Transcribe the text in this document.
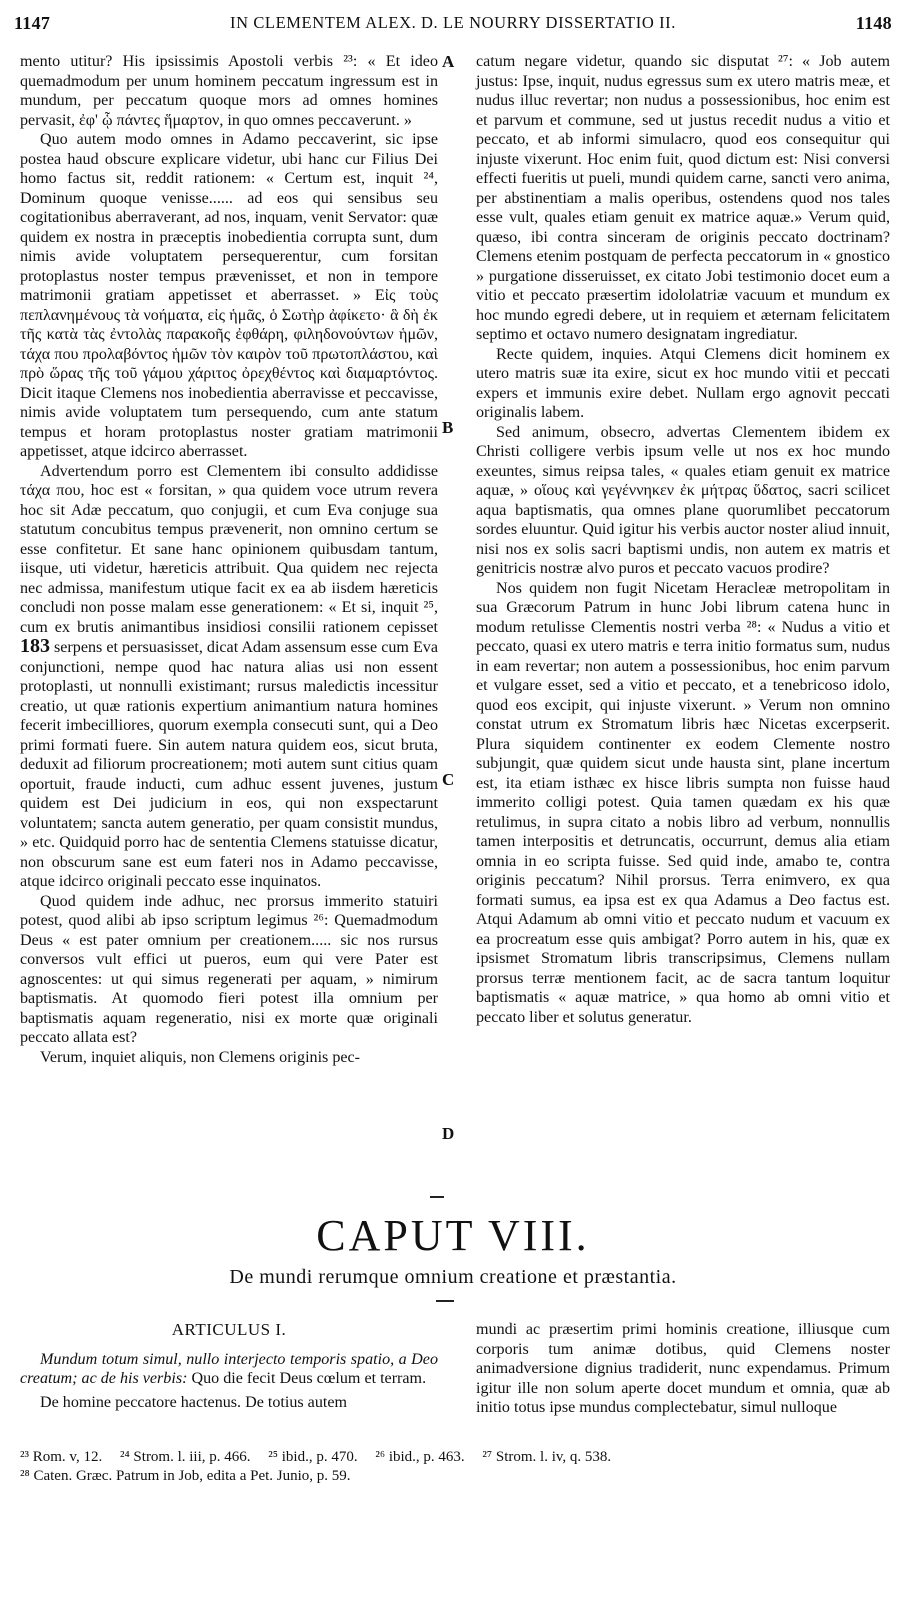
1147	IN CLEMENTEM ALEX. D. LE NOURRY DISSERTATIO II.	1148
A
B
C
D

mento utitur? His ipsissimis Apostoli verbis ²³: « Et ideo quemadmodum per unum hominem peccatum ingressum est in mundum, per peccatum quoque mors ad omnes homines pervasit, ἐφ' ᾧ πάντες ἥμαρτον, in quo omnes peccaverunt. »

Quo autem modo omnes in Adamo peccaverint, sic ipse postea haud obscure explicare videtur, ubi hanc cur Filius Dei homo factus sit, reddit rationem: « Certum est, inquit ²⁴, Dominum quoque venisse...... ad eos qui sensibus seu cogitationibus aberraverant, ad nos, inquam, venit Servator: quæ quidem ex nostra in præceptis inobedientia corrupta sunt, dum nimis avide voluptatem persequerentur, cum forsitan protoplastus noster tempus prævenisset, et non in tempore matrimonii gratiam appetisset et aberrasset. » Εἰς τοὺς πεπλανημένους τὰ νοήματα, εἰς ἡμᾶς, ὁ Σωτὴρ ἀφίκετο· ἃ δὴ ἐκ τῆς κατὰ τὰς ἐντολὰς παρακοῆς ἐφθάρη, φιληδονούντων ἡμῶν, τάχα που προλαβόντος ἡμῶν τὸν καιρὸν τοῦ πρωτοπλάστου, καὶ πρὸ ὥρας τῆς τοῦ γάμου χάριτος ὀρεχθέντος καὶ διαμαρτόντος. Dicit itaque Clemens nos inobedientia aberravisse et peccavisse, nimis avide voluptatem tum persequendo, cum ante statum tempus et horam protoplastus noster gratiam matrimonii appetisset, atque idcirco aberrasset.

Advertendum porro est Clementem ibi consulto addidisse τάχα που, hoc est « forsitan, » qua quidem voce utrum revera hoc sit Adæ peccatum, quo conjugii, et cum Eva conjuge sua statutum concubitus tempus prævenerit, non omnino certum se esse confitetur. Et sane hanc opinionem quibusdam tantum, iisque, uti videtur, hæreticis attribuit. Qua quidem nec rejecta nec admissa, manifestum utique facit ex ea ab iisdem hæreticis concludi non posse malam esse generationem: « Et si, inquit ²⁵, cum ex brutis animantibus insidiosi consilii rationem cepisset 183 serpens et persuasisset, dicat Adam assensum esse cum Eva conjunctioni, nempe quod hac natura alias usi non essent protoplasti, ut nonnulli existimant; rursus maledictis incessitur creatio, ut quæ rationis expertium animantium natura homines fecerit imbecilliores, quorum exempla consecuti sunt, qui a Deo primi formati fuere. Sin autem natura quidem eos, sicut bruta, deduxit ad filiorum procreationem; moti autem sunt citius quam oportuit, fraude inducti, cum adhuc essent juvenes, justum quidem est Dei judicium in eos, qui non exspectarunt voluntatem; sancta autem generatio, per quam consistit mundus, » etc. Quidquid porro hac de sententia Clemens statuisse dicatur, non obscurum sane est eum fateri nos in Adamo peccavisse, atque idcirco originali peccato esse inquinatos.

Quod quidem inde adhuc, nec prorsus immerito statuiri potest, quod alibi ab ipso scriptum legimus ²⁶: Quemadmodum Deus « est pater omnium per creationem..... sic nos rursus conversos vult effici ut pueros, eum qui vere Pater est agnoscentes: ut qui simus regenerati per aquam, » nimirum baptismatis. At quomodo fieri potest illa omnium per baptismatis aquam regeneratio, nisi ex morte quæ originali peccato allata est?

Verum, inquiet aliquis, non Clemens originis pec-

catum negare videtur, quando sic disputat ²⁷: « Job autem justus: Ipse, inquit, nudus egressus sum ex utero matris meæ, et nudus illuc revertar; non nudus a possessionibus, hoc enim est et parvum et commune, sed ut justus recedit nudus a vitio et peccato, et ab informi simulacro, quod eos consequitur qui injuste vixerunt. Hoc enim fuit, quod dictum est: Nisi conversi effecti fueritis ut pueli, mundi quidem carne, sancti vero anima, per abstinentiam a malis operibus, ostendens quod nos tales esse vult, quales etiam genuit ex matrice aquæ.» Verum quid, quæso, ibi contra sinceram de originis peccato doctrinam? Clemens etenim postquam de perfecta peccatorum in « gnostico » purgatione disseruisset, ex citato Jobi testimonio docet eum a vitio et peccato præsertim idololatriæ vacuum et mundum ex hoc mundo egredi debere, ut in requiem et æternam felicitatem septimo et octavo numero designatam ingrediatur.

Recte quidem, inquies. Atqui Clemens dicit hominem ex utero matris suæ ita exire, sicut ex hoc mundo vitii et peccati expers et immunis exire debet. Nullam ergo agnovit peccati originalis labem.

Sed animum, obsecro, advertas Clementem ibidem ex Christi colligere verbis ipsum velle ut nos ex hoc mundo exeuntes, simus reipsa tales, « quales etiam genuit ex matrice aquæ, » οἵους καὶ γεγέννηκεν ἐκ μήτρας ὕδατος, sacri scilicet aqua baptismatis, qua omnes plane quorumlibet peccatorum sordes eluuntur. Quid igitur his verbis auctor noster aliud innuit, nisi nos ex solis sacri baptismi undis, non autem ex matris et genitricis nostræ alvo puros et peccato vacuos prodire?

Nos quidem non fugit Nicetam Heracleæ metropolitam in sua Græcorum Patrum in hunc Jobi librum catena hunc in modum retulisse Clementis nostri verba ²⁸: « Nudus a vitio et peccato, quasi ex utero matris e terra initio formatus sum, nudus in eam revertar; non autem a possessionibus, hoc enim parvum et vulgare esset, sed a vitio et peccato, et a tenebricoso idolo, quod eos excipit, qui injuste vixerunt. » Verum non omnino constat utrum ex Stromatum libris hæc Nicetas excerpserit. Plura siquidem continenter ex eodem Clemente nostro subjungit, quæ quidem sicut unde hausta sint, plane incertum est, ita etiam isthæc ex hisce libris sumpta non fuisse haud immerito colligi potest. Quia tamen quædam ex his quæ retulimus, in supra citato a nobis libro ad verbum, nonnullis tamen interpositis et detruncatis, occurrunt, demus alia etiam omnia in eo scripta fuisse. Sed quid inde, amabo te, contra originis peccatum? Nihil prorsus. Terra enimvero, ex qua formati sumus, ea ipsa est ex qua Adamus a Deo factus est. Atqui Adamum ab omni vitio et peccato nudum et vacuum ex ea procreatum esse quis ambigat? Porro autem in his, quæ ex ipsismet Stromatum libris transcripsimus, Clemens nullam prorsus terræ mentionem facit, ac de sacra tantum loquitur baptismatis « aquæ matrice, » qua homo ab omni vitio et peccato liber et solutus generatur.

CAPUT VIII.
De mundi rerumque omnium creatione et præstantia.
ARTICULUS I.

Mundum totum simul, nullo interjecto temporis spatio, a Deo creatum; ac de his verbis: Quo die fecit Deus cœlum et terram.

De homine peccatore hactenus. De totius autem

mundi ac præsertim primi hominis creatione, illiusque cum corporis tum animæ dotibus, quid Clemens noster animadversione dignius tradiderit, nunc expendamus. Primum igitur ille non solum aperte docet mundum et omnia, quæ ab initio totus ipse mundus complectebatur, simul nulloque

²³ Rom. v, 12. ²⁴ Strom. l. iii, p. 466. ²⁵ ibid., p. 470. ²⁶ ibid., p. 463. ²⁷ Strom. l. iv, q. 538.
²⁸ Caten. Græc. Patrum in Job, edita a Pet. Junio, p. 59.
